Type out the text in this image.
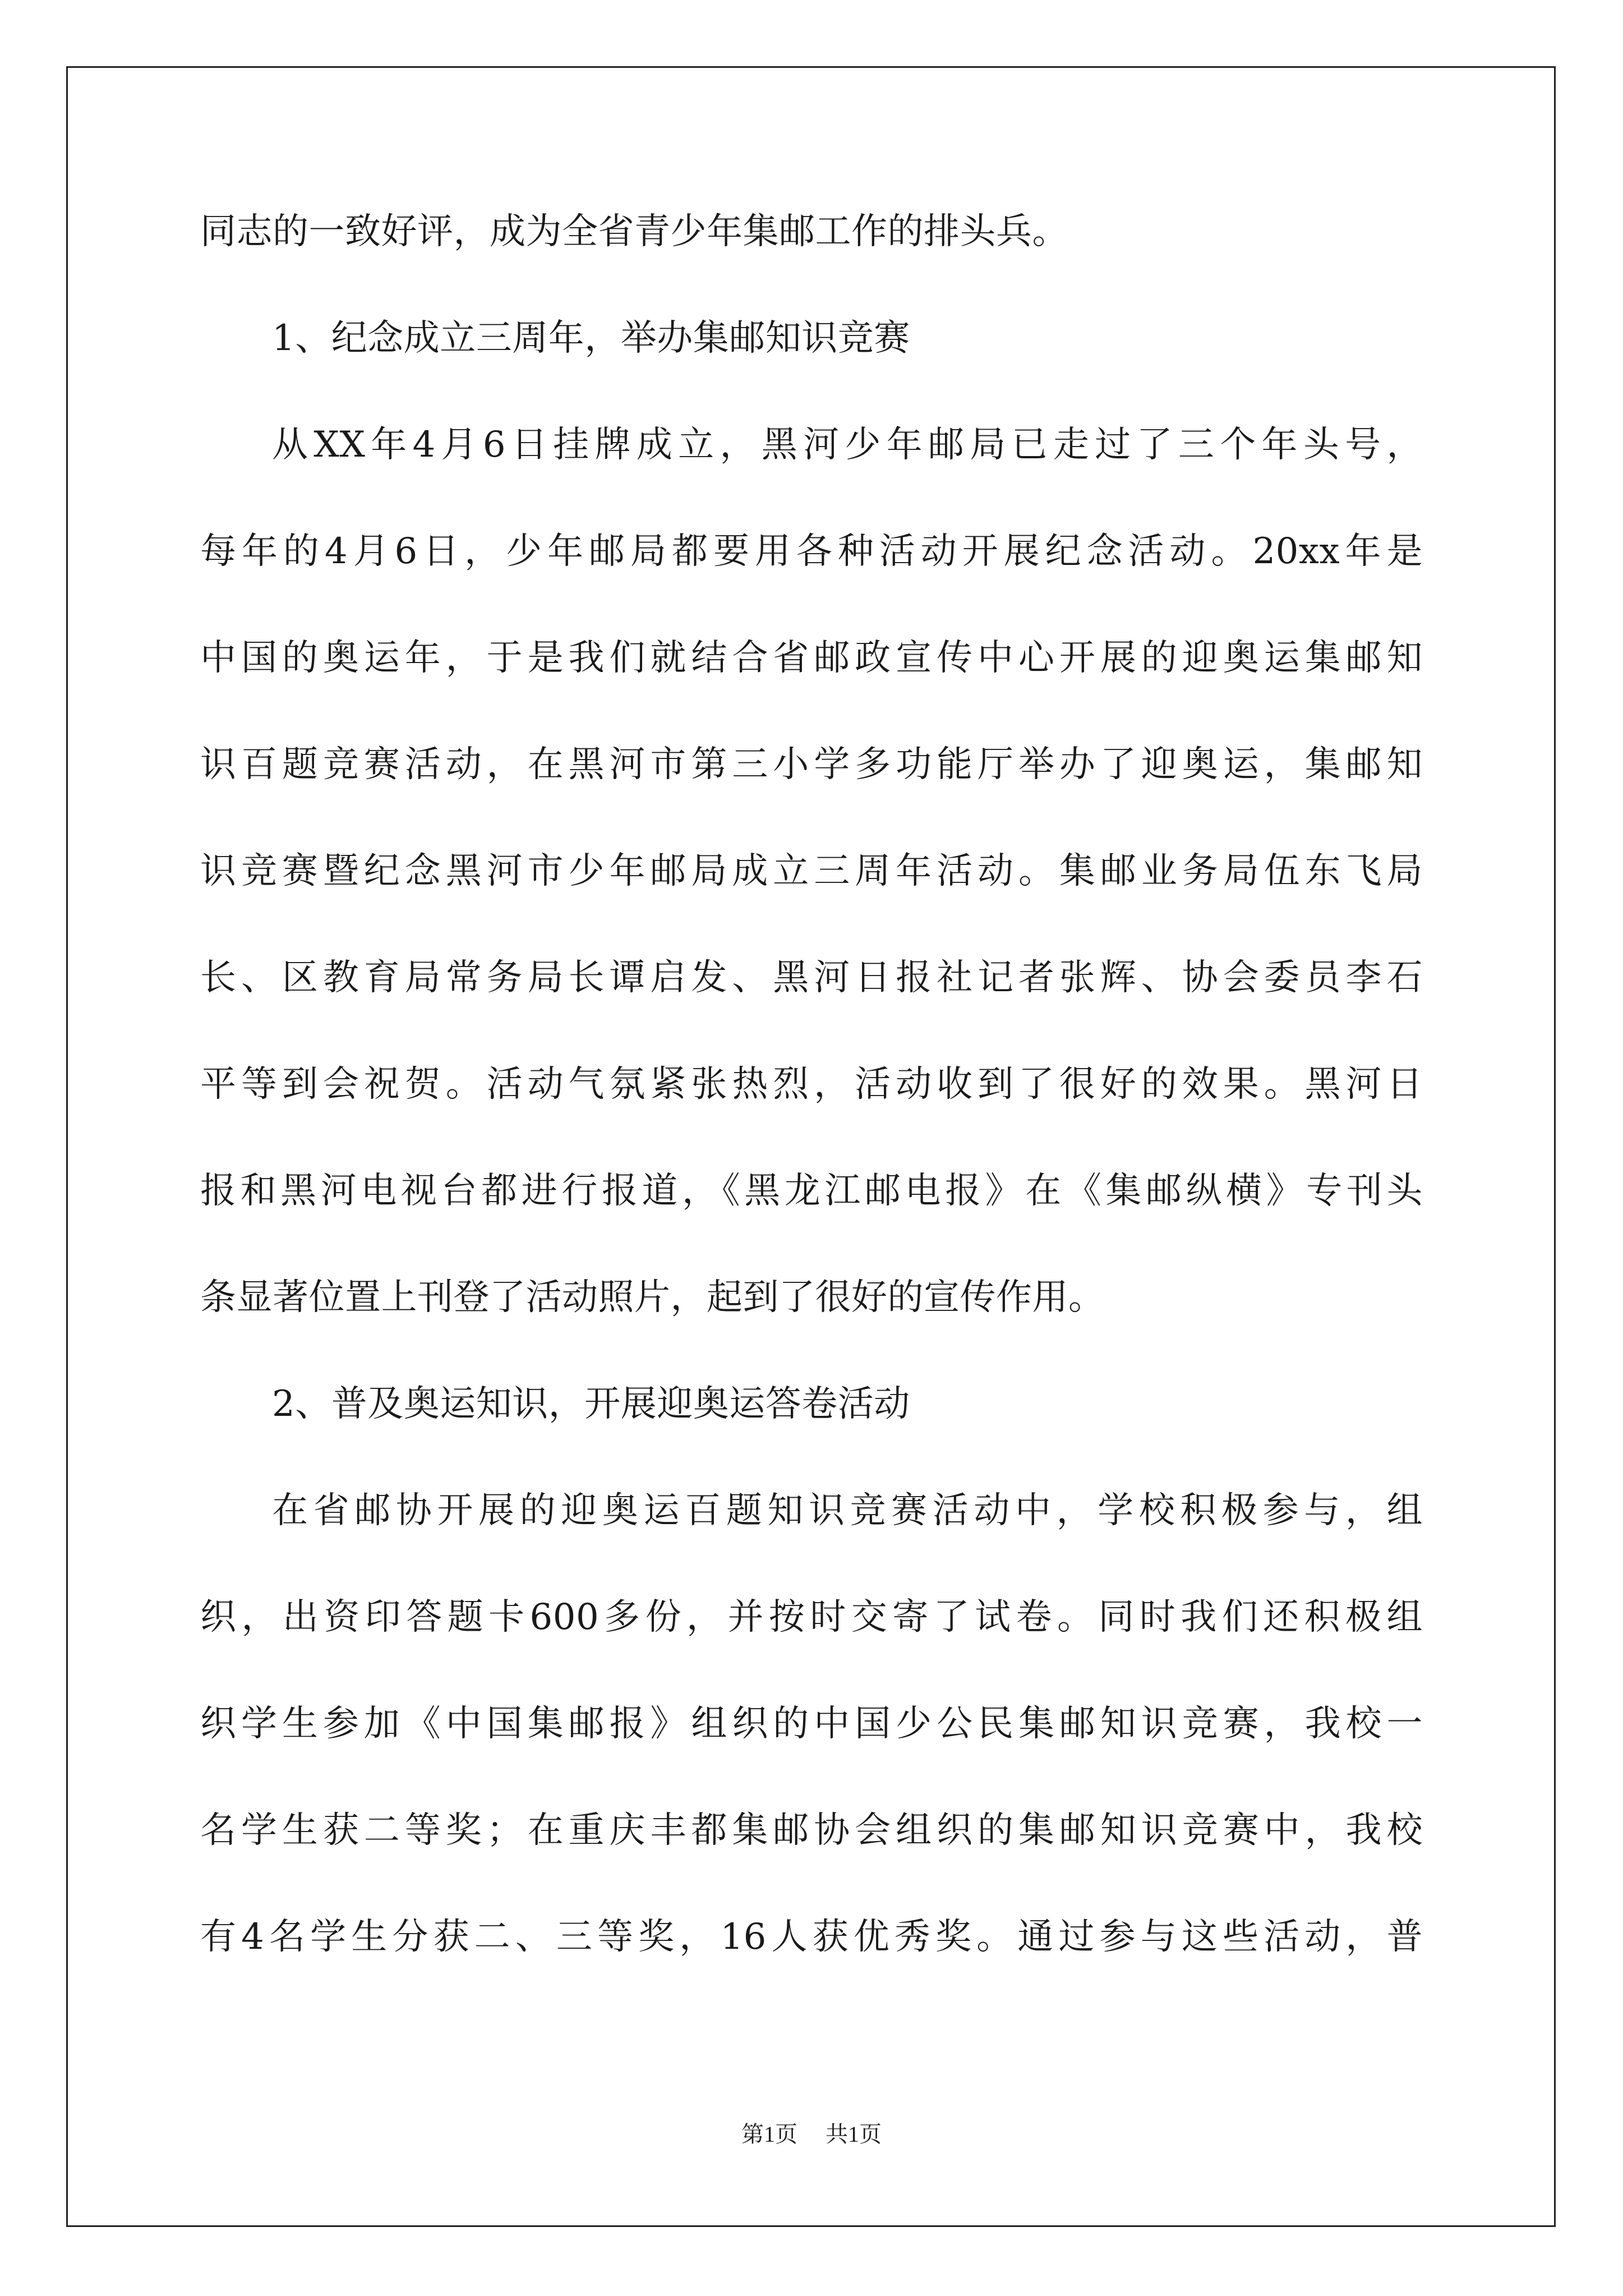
同志的一致好评，成为全省青少年集邮工作的排头兵。
1、纪念成立三周年，举办集邮知识竞赛
从XX年4月6日挂牌成立，黑河少年邮局已走过了三个年头号，
每年的4月6日，少年邮局都要用各种活动开展纪念活动。20xx年是
中国的奥运年，于是我们就结合省邮政宣传中心开展的迎奥运集邮知
识百题竞赛活动，在黑河市第三小学多功能厅举办了迎奥运，集邮知
识竞赛暨纪念黑河市少年邮局成立三周年活动。集邮业务局伍东飞局
长、区教育局常务局长谭启发、黑河日报社记者张辉、协会委员李石
平等到会祝贺。活动气氛紧张热烈，活动收到了很好的效果。黑河日
报和黑河电视台都进行报道，《黑龙江邮电报》在《集邮纵横》专刊头
条显著位置上刊登了活动照片，起到了很好的宣传作用。
2、普及奥运知识，开展迎奥运答卷活动
在省邮协开展的迎奥运百题知识竞赛活动中，学校积极参与，组
织，出资印答题卡600多份，并按时交寄了试卷。同时我们还积极组
织学生参加《中国集邮报》组织的中国少公民集邮知识竞赛，我校一
名学生获二等奖；在重庆丰都集邮协会组织的集邮知识竞赛中，我校
有4名学生分获二、三等奖，16人获优秀奖。通过参与这些活动，普
第1页 共1页
